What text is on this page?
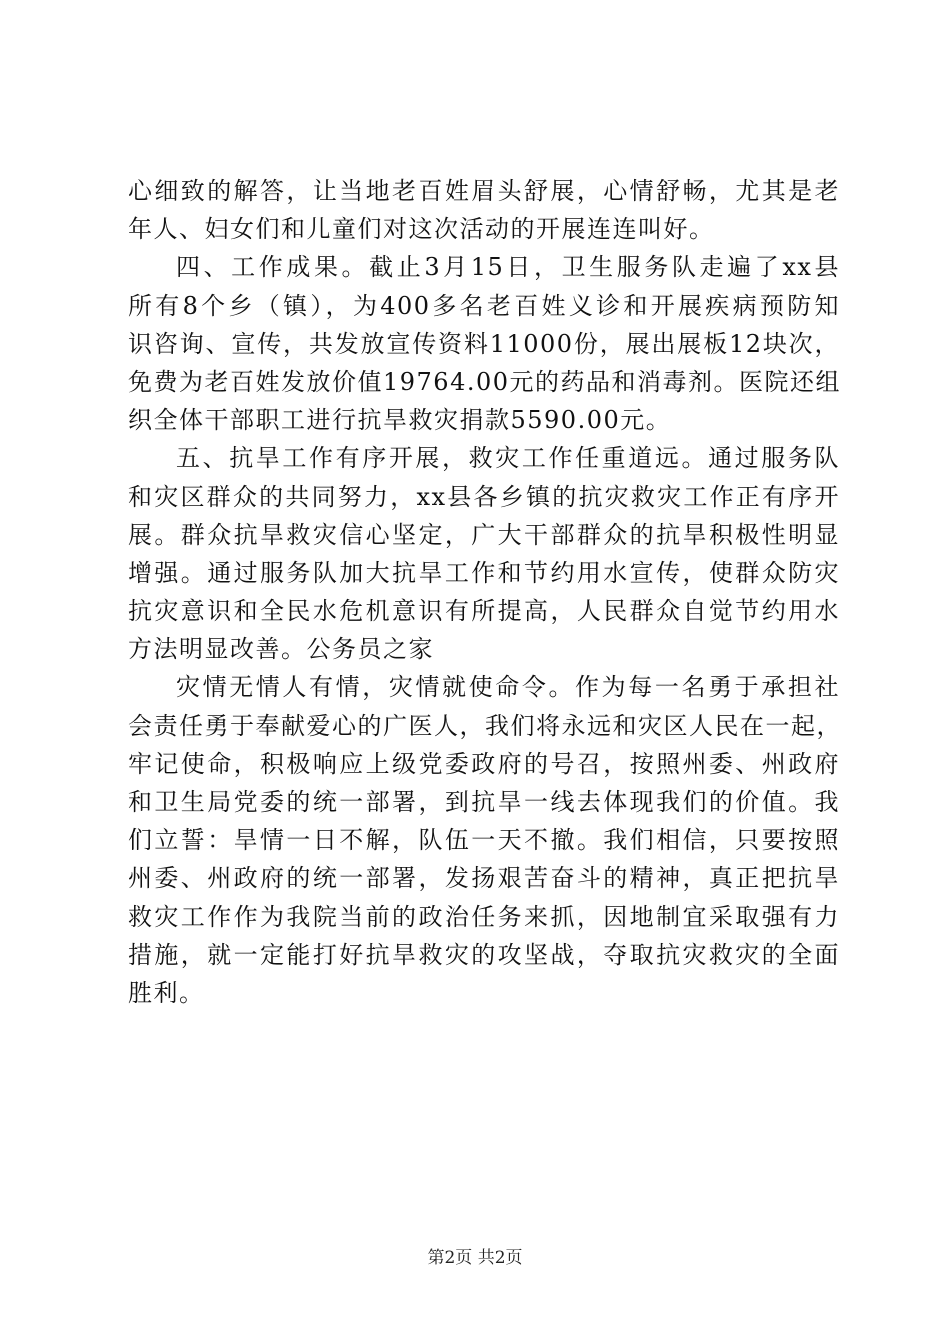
心细致的解答，让当地老百姓眉头舒展，心情舒畅，尤其是老
年人、妇女们和儿童们对这次活动的开展连连叫好。
四、工作成果。截止3月15日，卫生服务队走遍了xx县
所有8个乡（镇），为400多名老百姓义诊和开展疾病预防知
识咨询、宣传，共发放宣传资料11000份，展出展板12块次，
免费为老百姓发放价值19764.00元的药品和消毒剂。医院还组
织全体干部职工进行抗旱救灾捐款5590.00元。
五、抗旱工作有序开展，救灾工作任重道远。通过服务队
和灾区群众的共同努力，xx县各乡镇的抗灾救灾工作正有序开
展。群众抗旱救灾信心坚定，广大干部群众的抗旱积极性明显
增强。通过服务队加大抗旱工作和节约用水宣传，使群众防灾
抗灾意识和全民水危机意识有所提高，人民群众自觉节约用水
方法明显改善。公务员之家
灾情无情人有情，灾情就使命令。作为每一名勇于承担社
会责任勇于奉献爱心的广医人，我们将永远和灾区人民在一起，
牢记使命，积极响应上级党委政府的号召，按照州委、州政府
和卫生局党委的统一部署，到抗旱一线去体现我们的价值。我
们立誓：旱情一日不解，队伍一天不撤。我们相信，只要按照
州委、州政府的统一部署，发扬艰苦奋斗的精神，真正把抗旱
救灾工作作为我院当前的政治任务来抓，因地制宜采取强有力
措施，就一定能打好抗旱救灾的攻坚战，夺取抗灾救灾的全面
胜利。
第2页 共2页
